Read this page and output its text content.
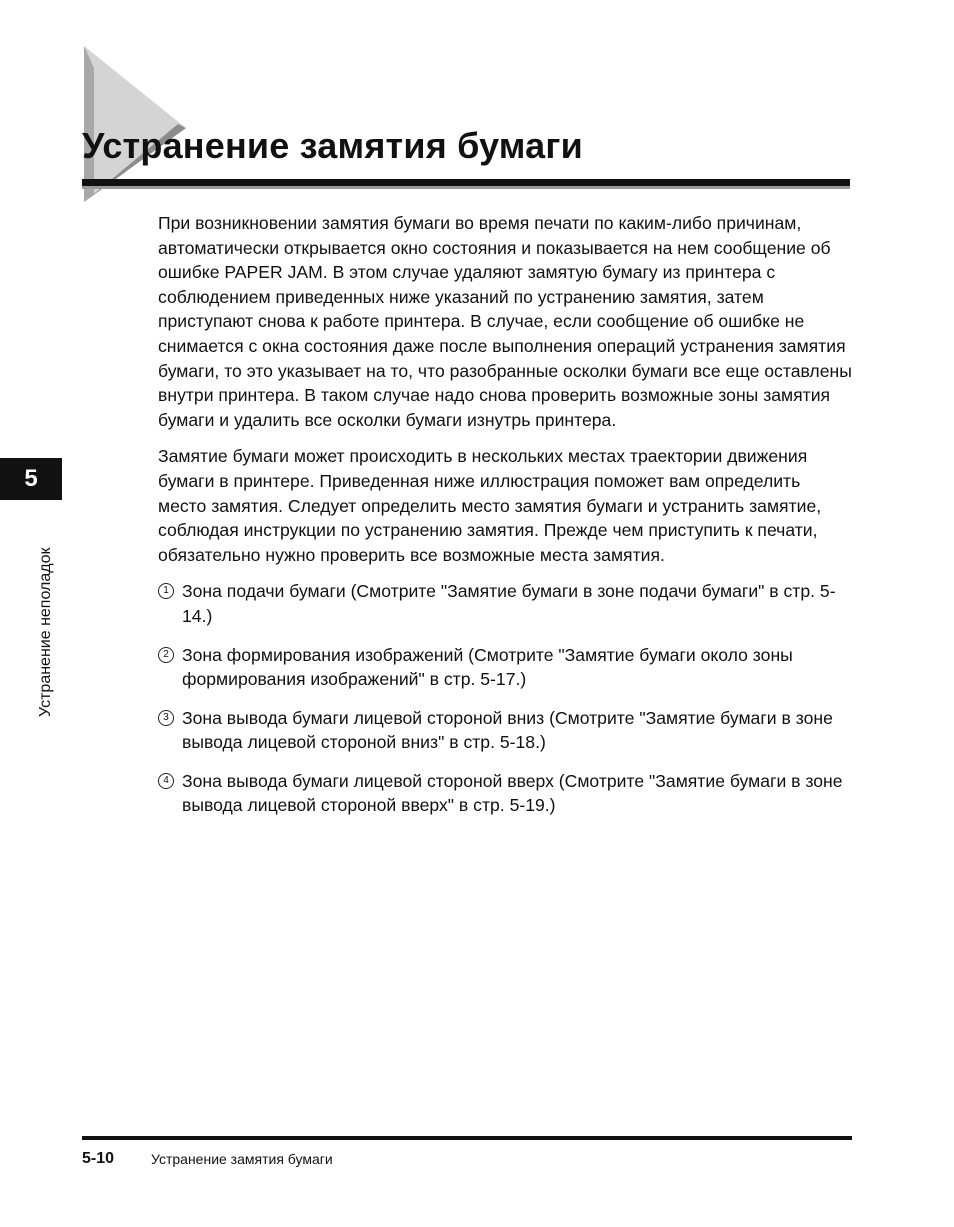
Устранение замятия бумаги
5
Устранение неполадок

При возникновении замятия бумаги во время печати по каким-либо причинам, автоматически открывается окно состояния и показывается на нем сообщение об ошибке PAPER JAM. В этом случае удаляют замятую бумагу из принтера с соблюдением приведенных ниже указаний по устранению замятия, затем приступают снова к работе принтера. В случае, если сообщение об ошибке не снимается с окна состояния даже после выполнения операций устранения замятия бумаги, то это указывает на то, что разобранные осколки бумаги все еще оставлены внутри принтера. В таком случае надо снова проверить возможные зоны замятия бумаги и удалить все осколки бумаги изнутрь принтера.

Замятие бумаги может происходить в нескольких местах траектории движения бумаги в принтере. Приведенная ниже иллюстрация поможет вам определить место замятия. Следует определить место замятия бумаги и устранить замятие, соблюдая инструкции по устранению замятия. Прежде чем приступить к печати, обязательно нужно проверить все возможные места замятия.

1 Зона подачи бумаги (Смотрите "Замятие бумаги в зоне подачи бумаги" в стр. 5-14.)
2 Зона формирования изображений (Смотрите "Замятие бумаги около зоны формирования изображений" в стр. 5-17.)
3 Зона вывода бумаги лицевой стороной вниз (Смотрите "Замятие бумаги в зоне вывода лицевой стороной вниз" в стр. 5-18.)
4 Зона вывода бумаги лицевой стороной вверх (Смотрите "Замятие бумаги в зоне вывода лицевой стороной вверх" в стр. 5-19.)
5-10	Устранение замятия бумаги
